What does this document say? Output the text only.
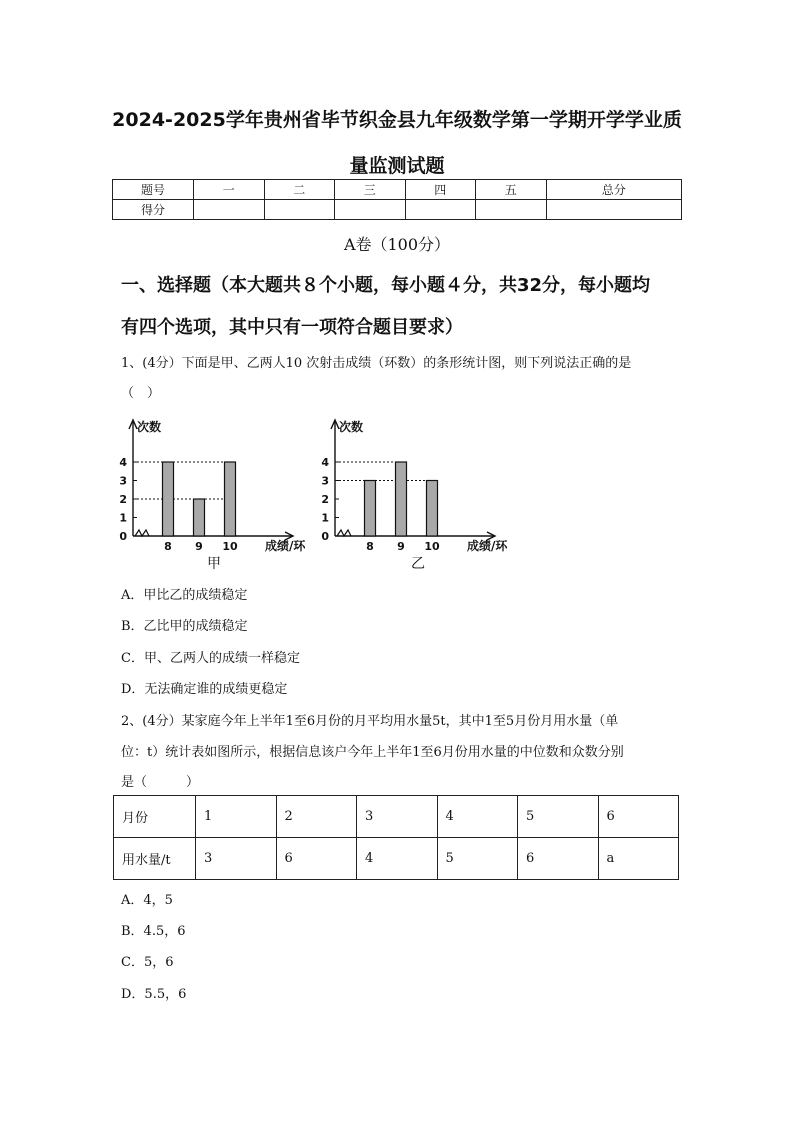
2024-2025学年贵州省毕节织金县九年级数学第一学期开学学业质
量监测试题
题号	一	二	三	四	五	总分
得分						
A卷（100分）
一、选择题（本大题共８个小题，每小题４分，共32分，每小题均
有四个选项，其中只有一项符合题目要求）
1、(4分）下面是甲、乙两人10 次射击成绩（环数）的条形统计图，则下列说法正确的是
（　）
次数
0
1
2
3
4
8 9 10 成绩/环
甲
次数
0
1
2
3
4
8 9 10 成绩/环
乙
A．甲比乙的成绩稳定
B．乙比甲的成绩稳定
C．甲、乙两人的成绩一样稳定
D．无法确定谁的成绩更稳定
2、(4分）某家庭今年上半年1至6月份的月平均用水量5t，其中1至5月份月用水量（单
位：t）统计表如图所示，根据信息该户今年上半年1至6月份用水量的中位数和众数分别
是（　　　）
月份	1	2	3	4	5	6
用水量/t	3	6	4	5	6	a
A．4，5
B．4.5，6
C．5，6
D．5.5，6
